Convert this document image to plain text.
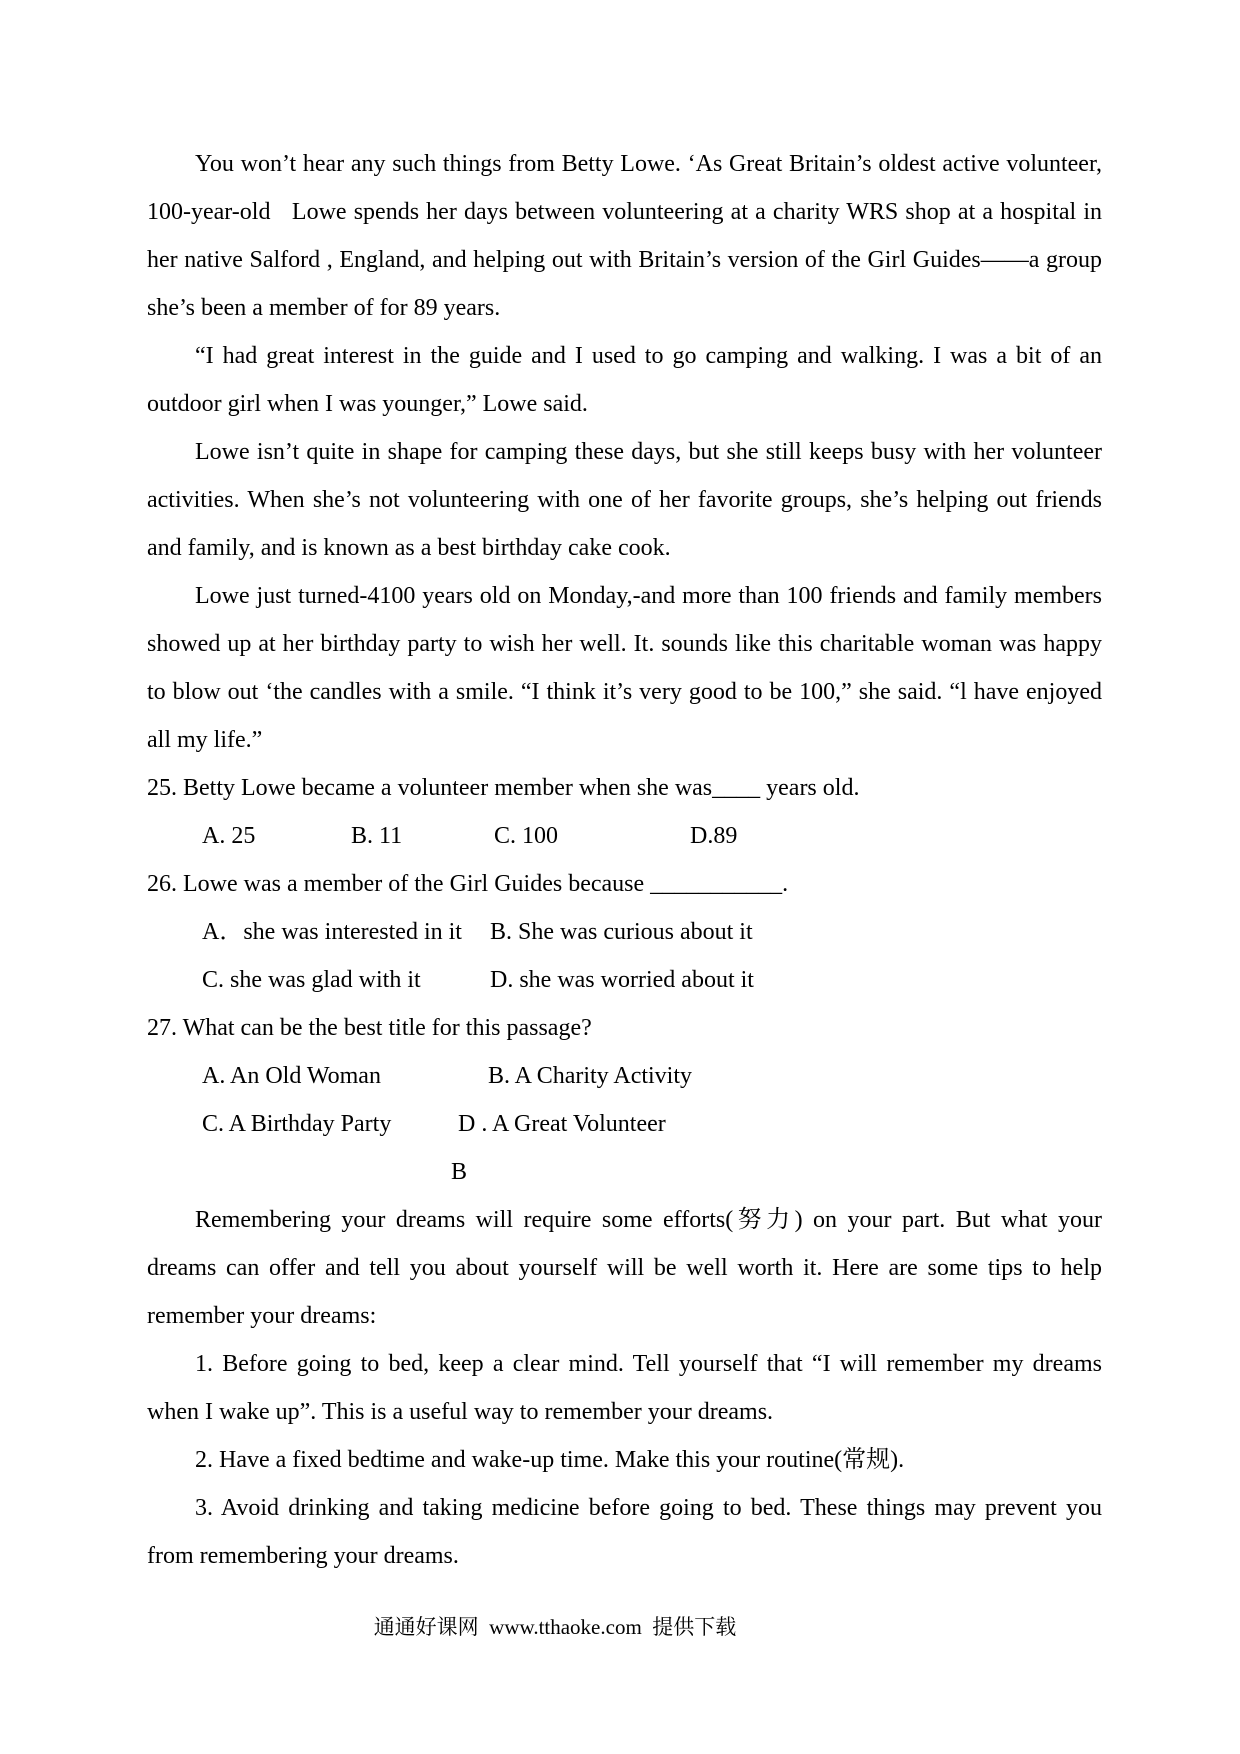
You won’t hear any such things from Betty Lowe. ‘As Great Britain’s oldest active volunteer, 100-year-old   Lowe spends her days between volunteering at a charity WRS shop at a hospital in her native Salford , England, and helping out with Britain’s version of the Girl Guides——a group she’s been a member of for 89 years.

“I had great interest in the guide and I used to go camping and walking. I was a bit of an outdoor girl when I was younger,” Lowe said.

Lowe isn’t quite in shape for camping these days, but she still keeps busy with her volunteer activities. When she’s not volunteering with one of her favorite groups, she’s helping out friends and family, and is known as a best birthday cake cook.

Lowe just turned-4100 years old on Monday,-and more than 100 friends and family members showed up at her birthday party to wish her well. It. sounds like this charitable woman was happy to blow out ‘the candles with a smile. “I think it’s very good to be 100,” she said. “l have enjoyed all my life.”

25. Betty Lowe became a volunteer member when she was____ years old.

A. 25	B. 11	C. 100	D.89

26. Lowe was a member of the Girl Guides because ___________.

A．she was interested in it B. She was curious about it
C. she was glad with it	D. she was worried about it

27. What can be the best title for this passage?

A. An Old Woman	B. A Charity Activity
C. A Birthday Party	D . A Great Volunteer

B

Remembering your dreams will require some efforts(努力) on your part. But what your dreams can offer and tell you about yourself will be well worth it. Here are some tips to help remember your dreams:

1. Before going to bed, keep a clear mind. Tell yourself that “I will remember my dreams when I wake up”. This is a useful way to remember your dreams.

2. Have a fixed bedtime and wake-up time. Make this your routine(常规).

3. Avoid drinking and taking medicine before going to bed. These things may prevent you from remembering your dreams.

通通好课网  www.tthaoke.com  提供下载
